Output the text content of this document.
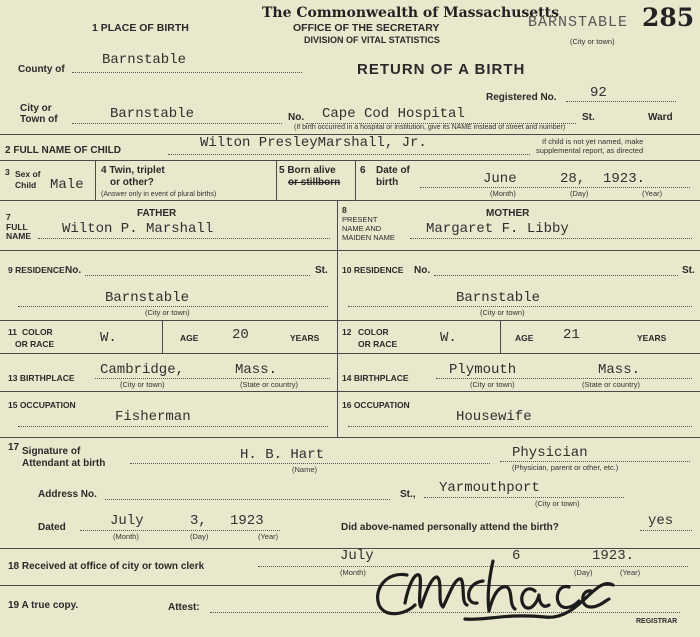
1 PLACE OF BIRTH
The Commonwealth of Massachusetts
OFFICE OF THE SECRETARY
DIVISION OF VITAL STATISTICS
BARNSTABLE
(City or town)
285
RETURN OF A BIRTH
County of
Barnstable
Registered No. 92
City or
Town of	Barnstable	No. Cape Cod Hospital	St.	Ward
(If birth occurred in a hospital or institution, give its NAME instead of street and number)
2 FULL NAME OF CHILD	Wilton PresleyMarshall, Jr.	If child is not yet named, make
supplemental report, as directed
3 Sex of
Child Male
4 Twin, triplet
or other?
(Answer only in event of plural births)
5 Born alive
or stillborn
6 Date of
birth	June	28, 1923.
(Month)	(Day)	(Year)
7
FULL
NAME
FATHER
Wilton P. Marshall
9 RESIDENCE No.	St.
Barnstable
(City or town)
11 COLOR
OR RACE	W.	AGE 20	YEARS
13 BIRTHPLACE Cambridge,	Mass.
(City or town)	(State or country)
15 OCCUPATION
Fisherman
8
PRESENT
NAME AND
MAIDEN NAME
MOTHER
Margaret F. Libby
10 RESIDENCE No.	St.
Barnstable
(City or town)
12 COLOR
OR RACE	W.	AGE 21	YEARS
14 BIRTHPLACE	Plymouth	Mass.
(City or town)	(State or country)
16 OCCUPATION
Housewife
17 Signature of
Attendant at birth
H. B. Hart
(Name)
Physician
(Physician, parent or other, etc.)
Address No.	St., Yarmouthport
(City or town)
Dated	July	3, 1923
(Month)	(Day)	(Year)
Did above-named personally attend the birth?	yes
18 Received at office of city or town clerk
July	6	1923.
(Month)	(Day)	(Year)
19 A true copy.	Attest:
REGISTRAR
